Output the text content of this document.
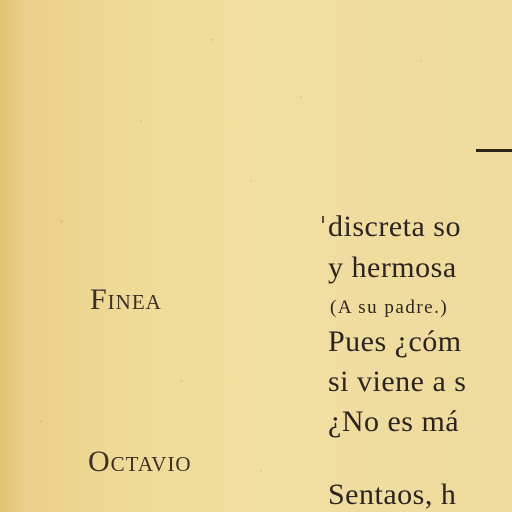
Finea
Octavio
discreta so
y hermosa
(A su padre.)
Pues ¿cóm
si viene a s
¿No es má
Sentaos, h
